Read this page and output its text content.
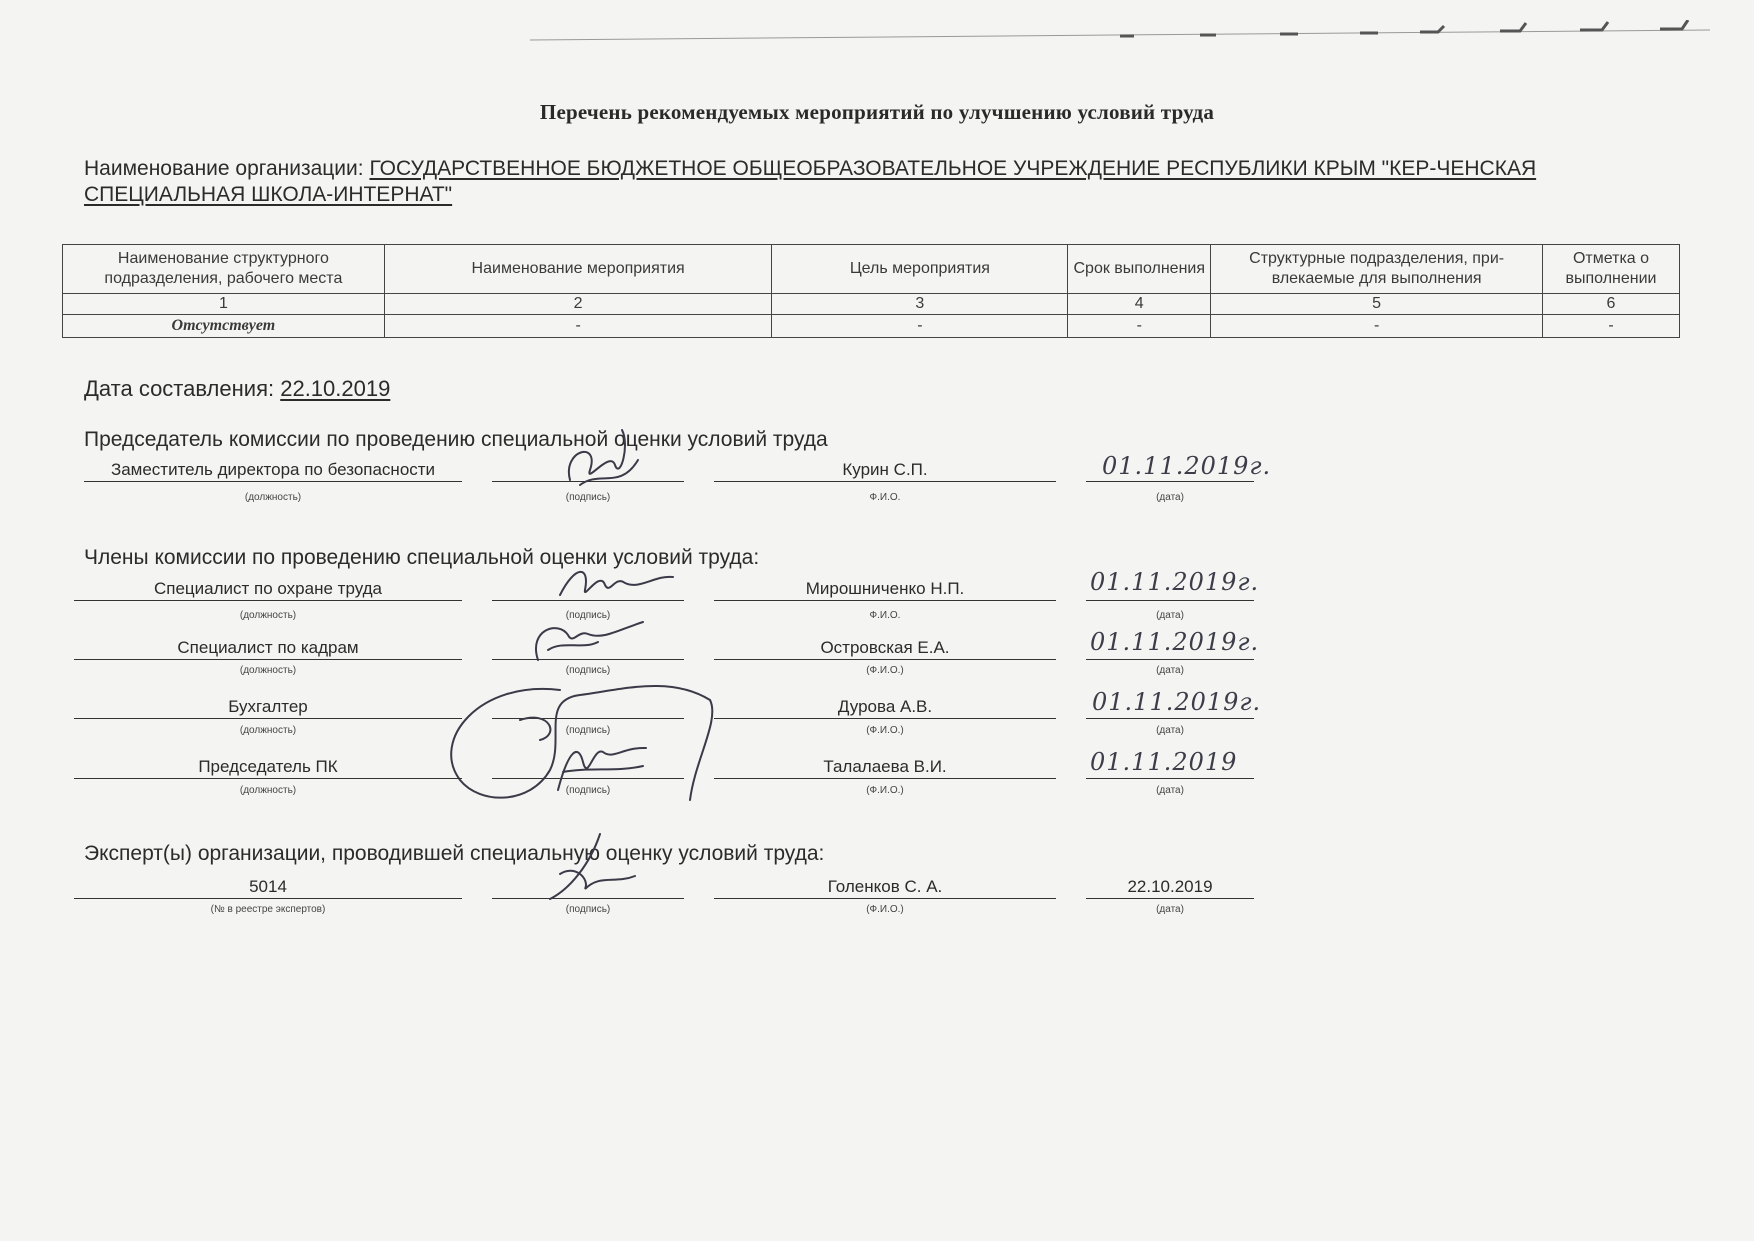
Перечень рекомендуемых мероприятий по улучшению условий труда
Наименование организации: ГОСУДАРСТВЕННОЕ БЮДЖЕТНОЕ ОБЩЕОБРАЗОВАТЕЛЬНОЕ УЧРЕЖДЕНИЕ РЕСПУБЛИКИ КРЫМ "КЕР-ЧЕНСКАЯ СПЕЦИАЛЬНАЯ ШКОЛА-ИНТЕРНАТ"
Наименование структурного подразделения, рабочего места	Наименование мероприятия	Цель мероприятия	Срок выполнения	Структурные подразделения, при-влекаемые для выполнения	Отметка о выполнении
1	2	3	4	5	6
Отсутствует	-	-	-	-	-
Дата составления: 22.10.2019
Председатель комиссии по проведению специальной оценки условий труда
Заместитель директора по безопасности	Курин С.П.	01.11.2019г.
(должность)	(подпись)	Ф.И.О.	(дата)
Члены комиссии по проведению специальной оценки условий труда:
Специалист по охране труда	Мирошниченко Н.П.	01.11.2019г.
(должность)	(подпись)	Ф.И.О.	(дата)
Специалист по кадрам	Островская Е.А.	01.11.2019г.
(должность)	(подпись)	(Ф.И.О.)	(дата)
Бухгалтер	Дурова А.В.	01.11.2019г.
(должность)	(подпись)	(Ф.И.О.)	(дата)
Председатель ПК	Талалаева В.И.	01.11.2019
(должность)	(подпись)	(Ф.И.О.)	(дата)
Эксперт(ы) организации, проводившей специальную оценку условий труда:
5014	Голенков С. А.	22.10.2019
(№ в реестре экспертов)	(подпись)	(Ф.И.О.)	(дата)
